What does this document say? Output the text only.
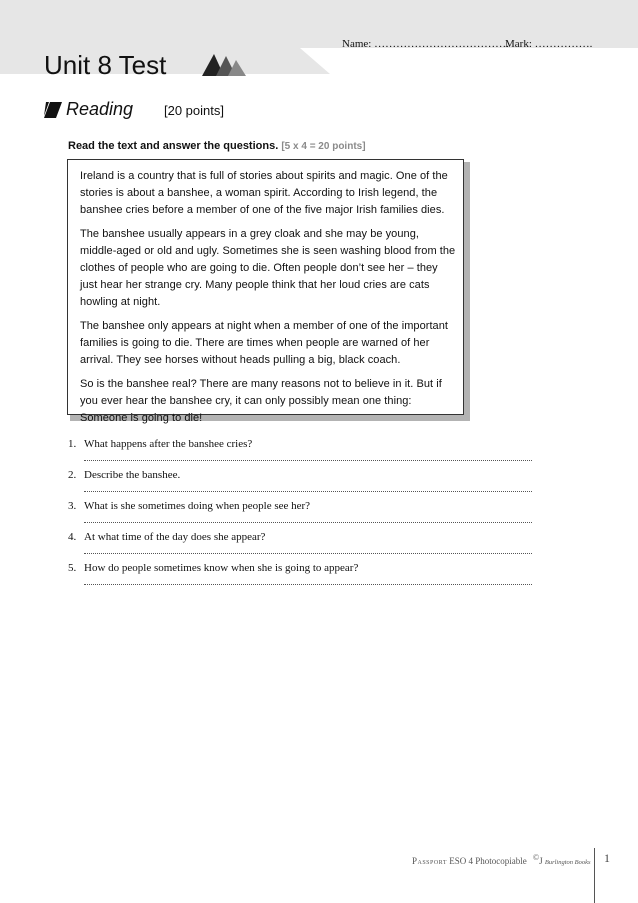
Name: ……………………………….
Mark: …………….
Unit 8 Test
Reading [20 points]
Read the text and answer the questions. [5 x 4 = 20 points]

Ireland is a country that is full of stories about spirits and magic. One of the stories is about a banshee, a woman spirit. According to Irish legend, the banshee cries before a member of one of the five major Irish families dies.

The banshee usually appears in a grey cloak and she may be young, middle-aged or old and ugly. Sometimes she is seen washing blood from the clothes of people who are going to die. Often people don’t see her – they just hear her strange cry. Many people think that her loud cries are cats howling at night.

The banshee only appears at night when a member of one of the important families is going to die. There are times when people are warned of her arrival. They see horses without heads pulling a big, black coach.

So is the banshee real? There are many reasons not to believe in it. But if you ever hear the banshee cry, it can only possibly mean one thing: Someone is going to die!

1. What happens after the banshee cries?
2. Describe the banshee.
3. What is she sometimes doing when people see her?
4. At what time of the day does she appear?
5. How do people sometimes know when she is going to appear?
Passport ESO 4 Photocopiable ©J Burlington Books 1
